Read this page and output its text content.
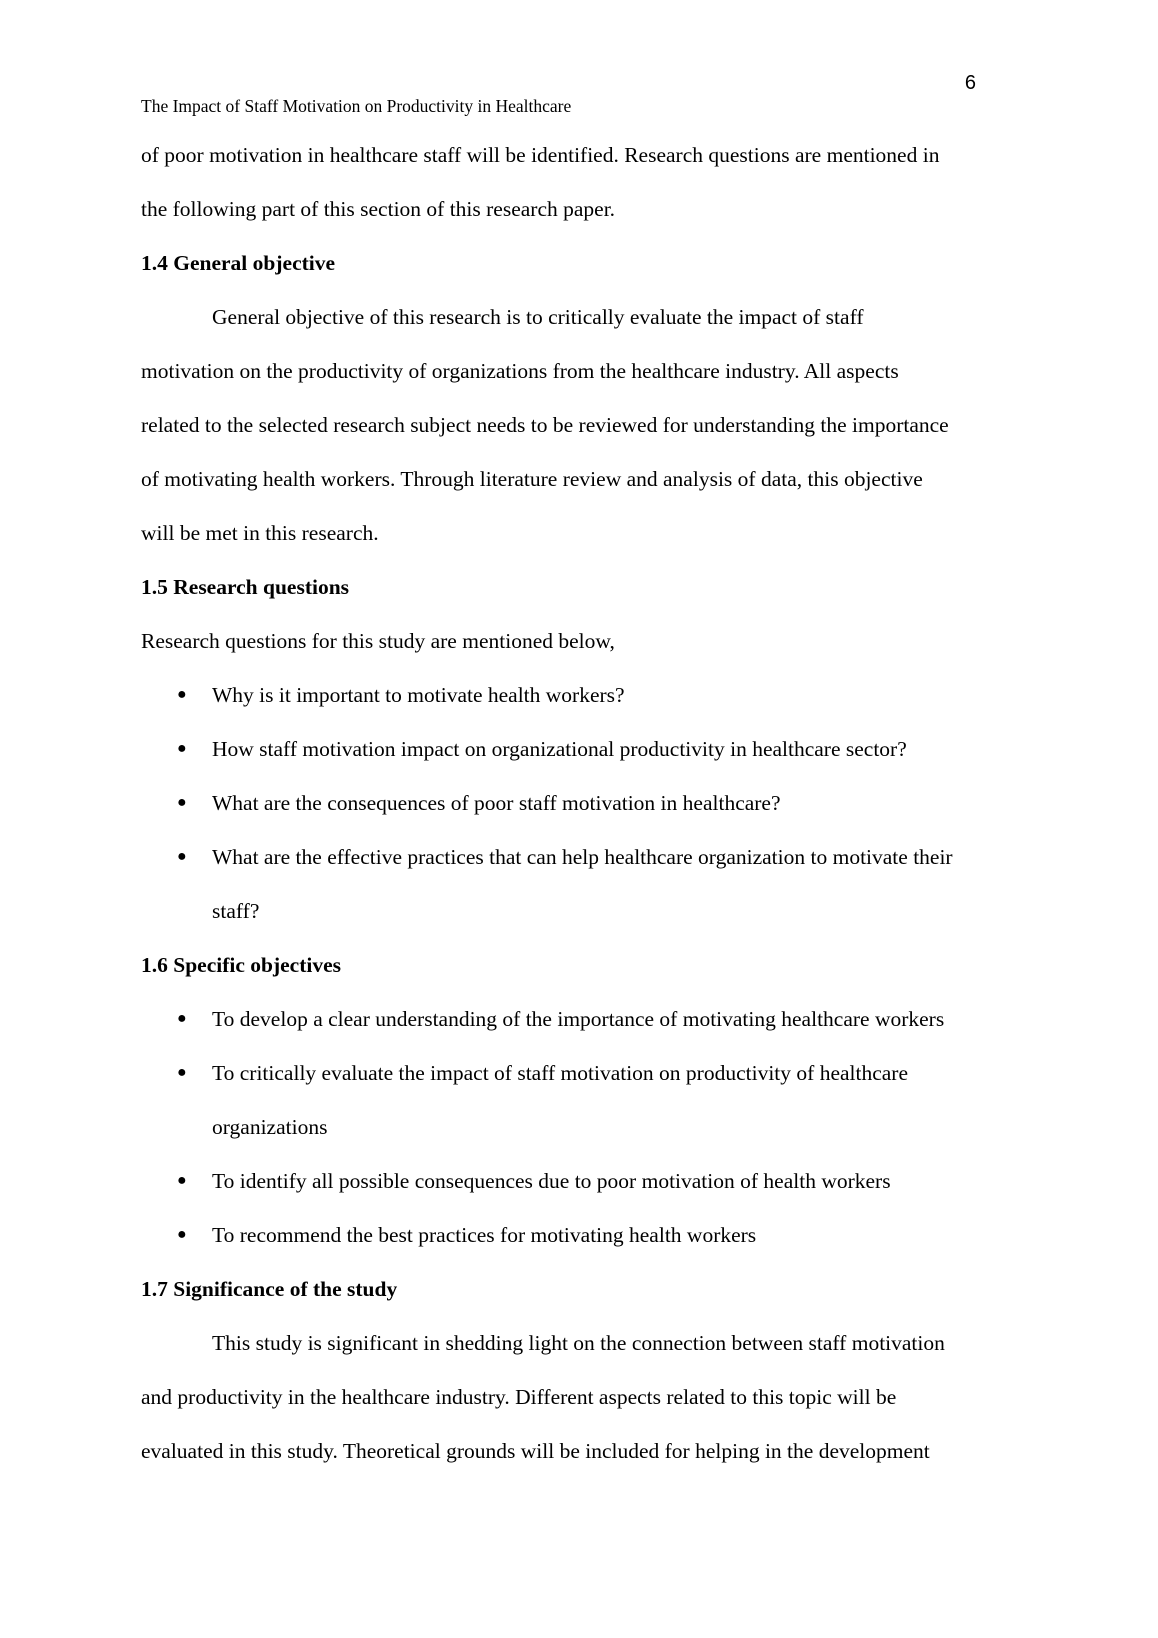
6
The Impact of Staff Motivation on Productivity in Healthcare
of poor motivation in healthcare staff will be identified. Research questions are mentioned in
the following part of this section of this research paper.
1.4 General objective
General objective of this research is to critically evaluate the impact of staff
motivation on the productivity of organizations from the healthcare industry. All aspects
related to the selected research subject needs to be reviewed for understanding the importance
of motivating health workers. Through literature review and analysis of data, this objective
will be met in this research.
1.5 Research questions
Research questions for this study are mentioned below,
● Why is it important to motivate health workers?
● How staff motivation impact on organizational productivity in healthcare sector?
● What are the consequences of poor staff motivation in healthcare?
● What are the effective practices that can help healthcare organization to motivate their
staff?
1.6 Specific objectives
● To develop a clear understanding of the importance of motivating healthcare workers
● To critically evaluate the impact of staff motivation on productivity of healthcare
organizations
● To identify all possible consequences due to poor motivation of health workers
● To recommend the best practices for motivating health workers
1.7 Significance of the study
This study is significant in shedding light on the connection between staff motivation
and productivity in the healthcare industry. Different aspects related to this topic will be
evaluated in this study. Theoretical grounds will be included for helping in the development
